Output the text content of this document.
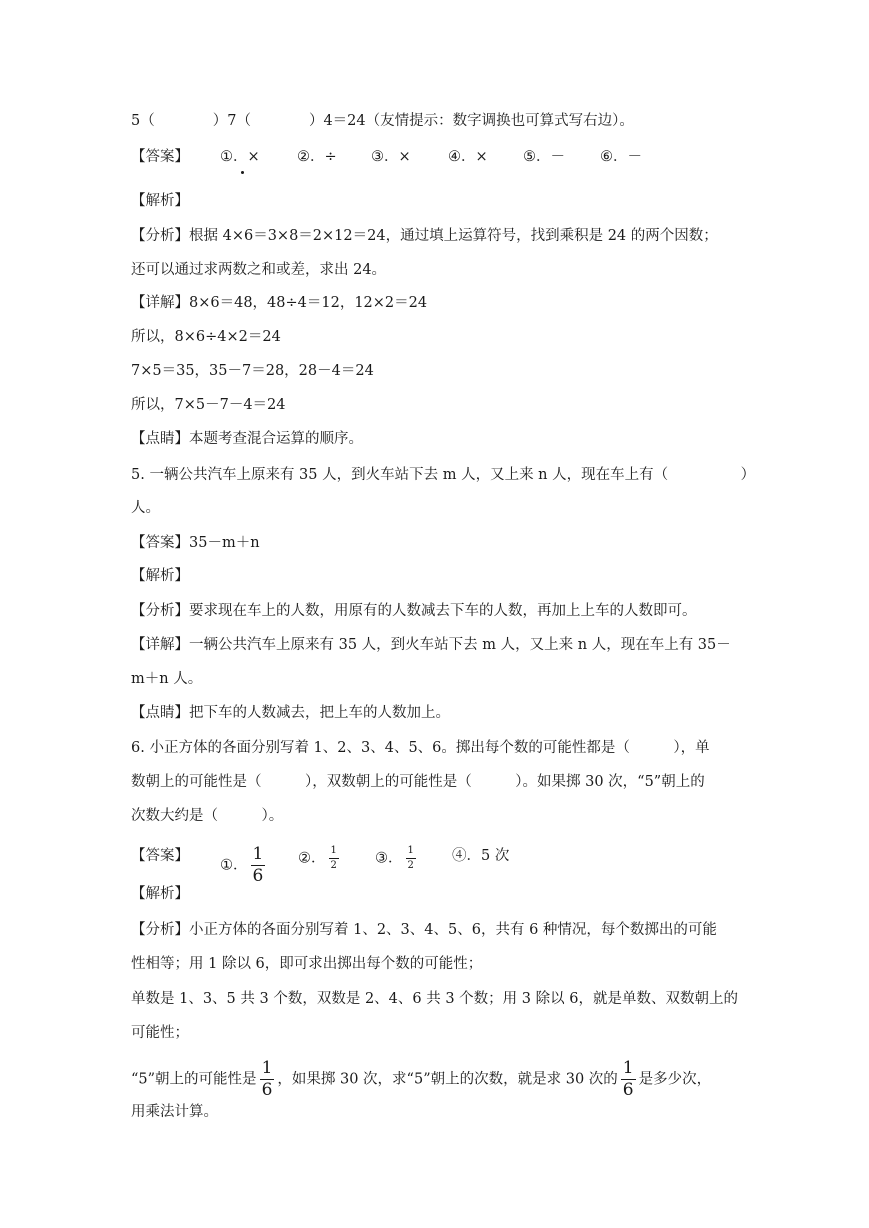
5（　　　　）7（　　　　）4＝24（友情提示：数字调换也可算式写右边）。
【答案】 ①．×	②．÷ ③．×	④．× ⑤．－ ⑥．－
【解析】
【分析】根据 4×6＝3×8＝2×12＝24，通过填上运算符号，找到乘积是 24 的两个因数；
还可以通过求两数之和或差，求出 24。
【详解】8×6＝48，48÷4＝12，12×2＝24
所以，8×6÷4×2＝24
7×5＝35，35－7＝28，28－4＝24
所以，7×5－7－4＝24
【点睛】本题考查混合运算的顺序。
5. 一辆公共汽车上原来有 35 人，到火车站下去 m 人，又上来 n 人，现在车上有（　　　　　）
人。
【答案】35－m＋n
【解析】
【分析】要求现在车上的人数，用原有的人数减去下车的人数，再加上上车的人数即可。
【详解】一辆公共汽车上原来有 35 人，到火车站下去 m 人，又上来 n 人，现在车上有 35－
m＋n 人。
【点睛】把下车的人数减去，把上车的人数加上。
6. 小正方体的各面分别写着 1、2、3、4、5、6。掷出每个数的可能性都是（　　　），单
数朝上的可能性是（　　　），双数朝上的可能性是（　　　）。如果掷 30 次，“5”朝上的
次数大约是（　　　）。
【答案】
①． $\frac{1}{6}$ ②． $\frac{1}{2}$ ③． $\frac{1}{2}$ ④．5 次
【解析】
【分析】小正方体的各面分别写着 1、2、3、4、5、6，共有 6 种情况，每个数掷出的可能
性相等；用 1 除以 6，即可求出掷出每个数的可能性；
单数是 1、3、5 共 3 个数，双数是 2、4、6 共 3 个数；用 3 除以 6，就是单数、双数朝上的
可能性；
“5”朝上的可能性是 $\frac{1}{6}$ ，如果掷 30 次，求“5”朝上的次数，就是求 30 次的 $\frac{1}{6}$ 是多少次，
用乘法计算。
